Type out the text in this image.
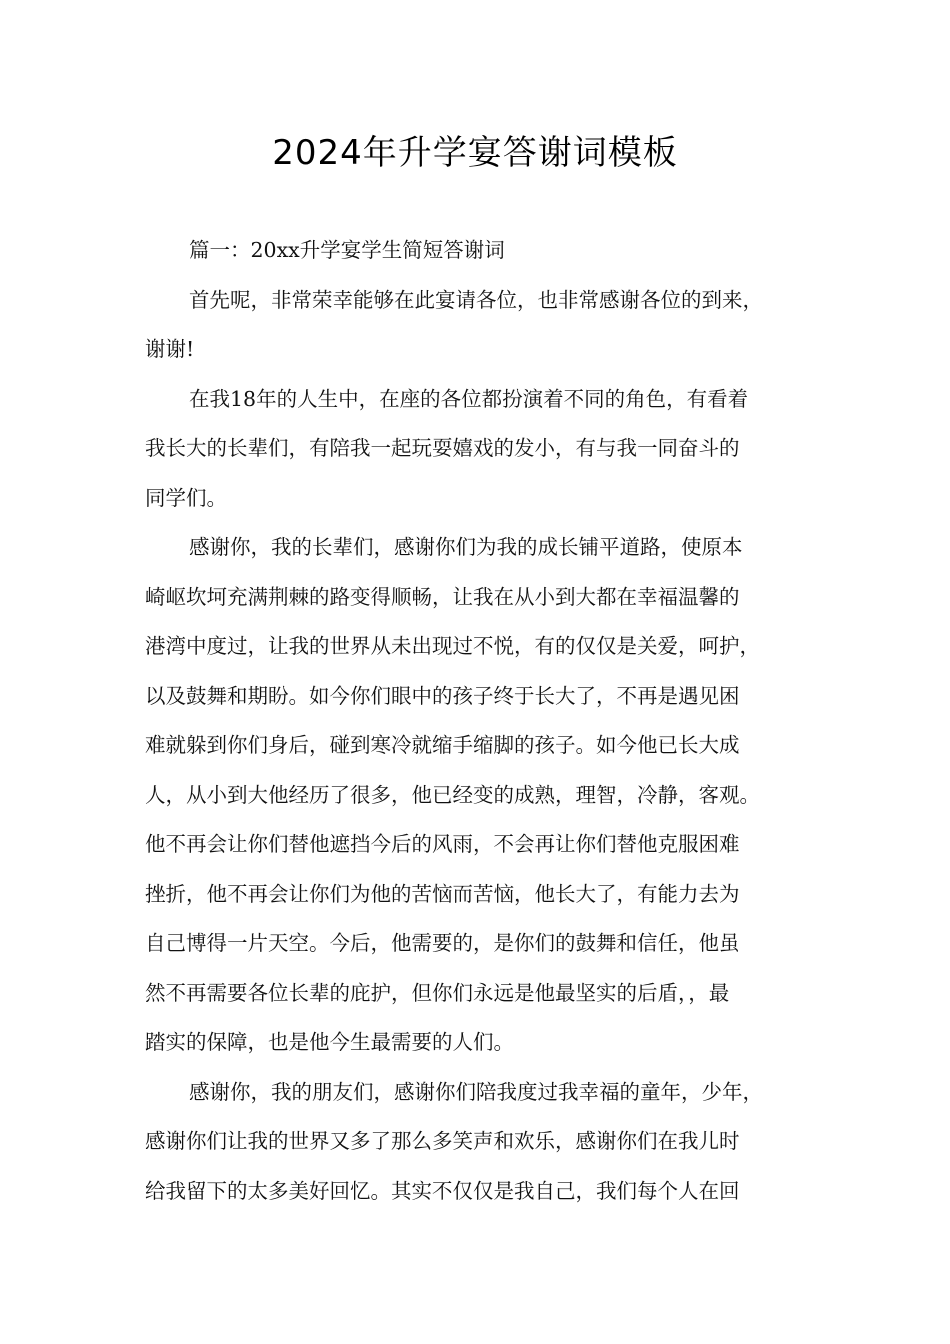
2024年升学宴答谢词模板
篇一：20xx升学宴学生简短答谢词
首先呢，非常荣幸能够在此宴请各位，也非常感谢各位的到来，
谢谢!
在我18年的人生中，在座的各位都扮演着不同的角色，有看着
我长大的长辈们，有陪我一起玩耍嬉戏的发小，有与我一同奋斗的
同学们。
感谢你，我的长辈们，感谢你们为我的成长铺平道路，使原本
崎岖坎坷充满荆棘的路变得顺畅，让我在从小到大都在幸福温馨的
港湾中度过，让我的世界从未出现过不悦，有的仅仅是关爱，呵护，
以及鼓舞和期盼。如今你们眼中的孩子终于长大了，不再是遇见困
难就躲到你们身后，碰到寒冷就缩手缩脚的孩子。如今他已长大成
人，从小到大他经历了很多，他已经变的成熟，理智，冷静，客观。
他不再会让你们替他遮挡今后的风雨，不会再让你们替他克服困难
挫折，他不再会让你们为他的苦恼而苦恼，他长大了，有能力去为
自己博得一片天空。今后，他需要的，是你们的鼓舞和信任，他虽
然不再需要各位长辈的庇护，但你们永远是他最坚实的后盾，，最
踏实的保障，也是他今生最需要的人们。
感谢你，我的朋友们，感谢你们陪我度过我幸福的童年，少年，
感谢你们让我的世界又多了那么多笑声和欢乐，感谢你们在我儿时
给我留下的太多美好回忆。其实不仅仅是我自己，我们每个人在回
